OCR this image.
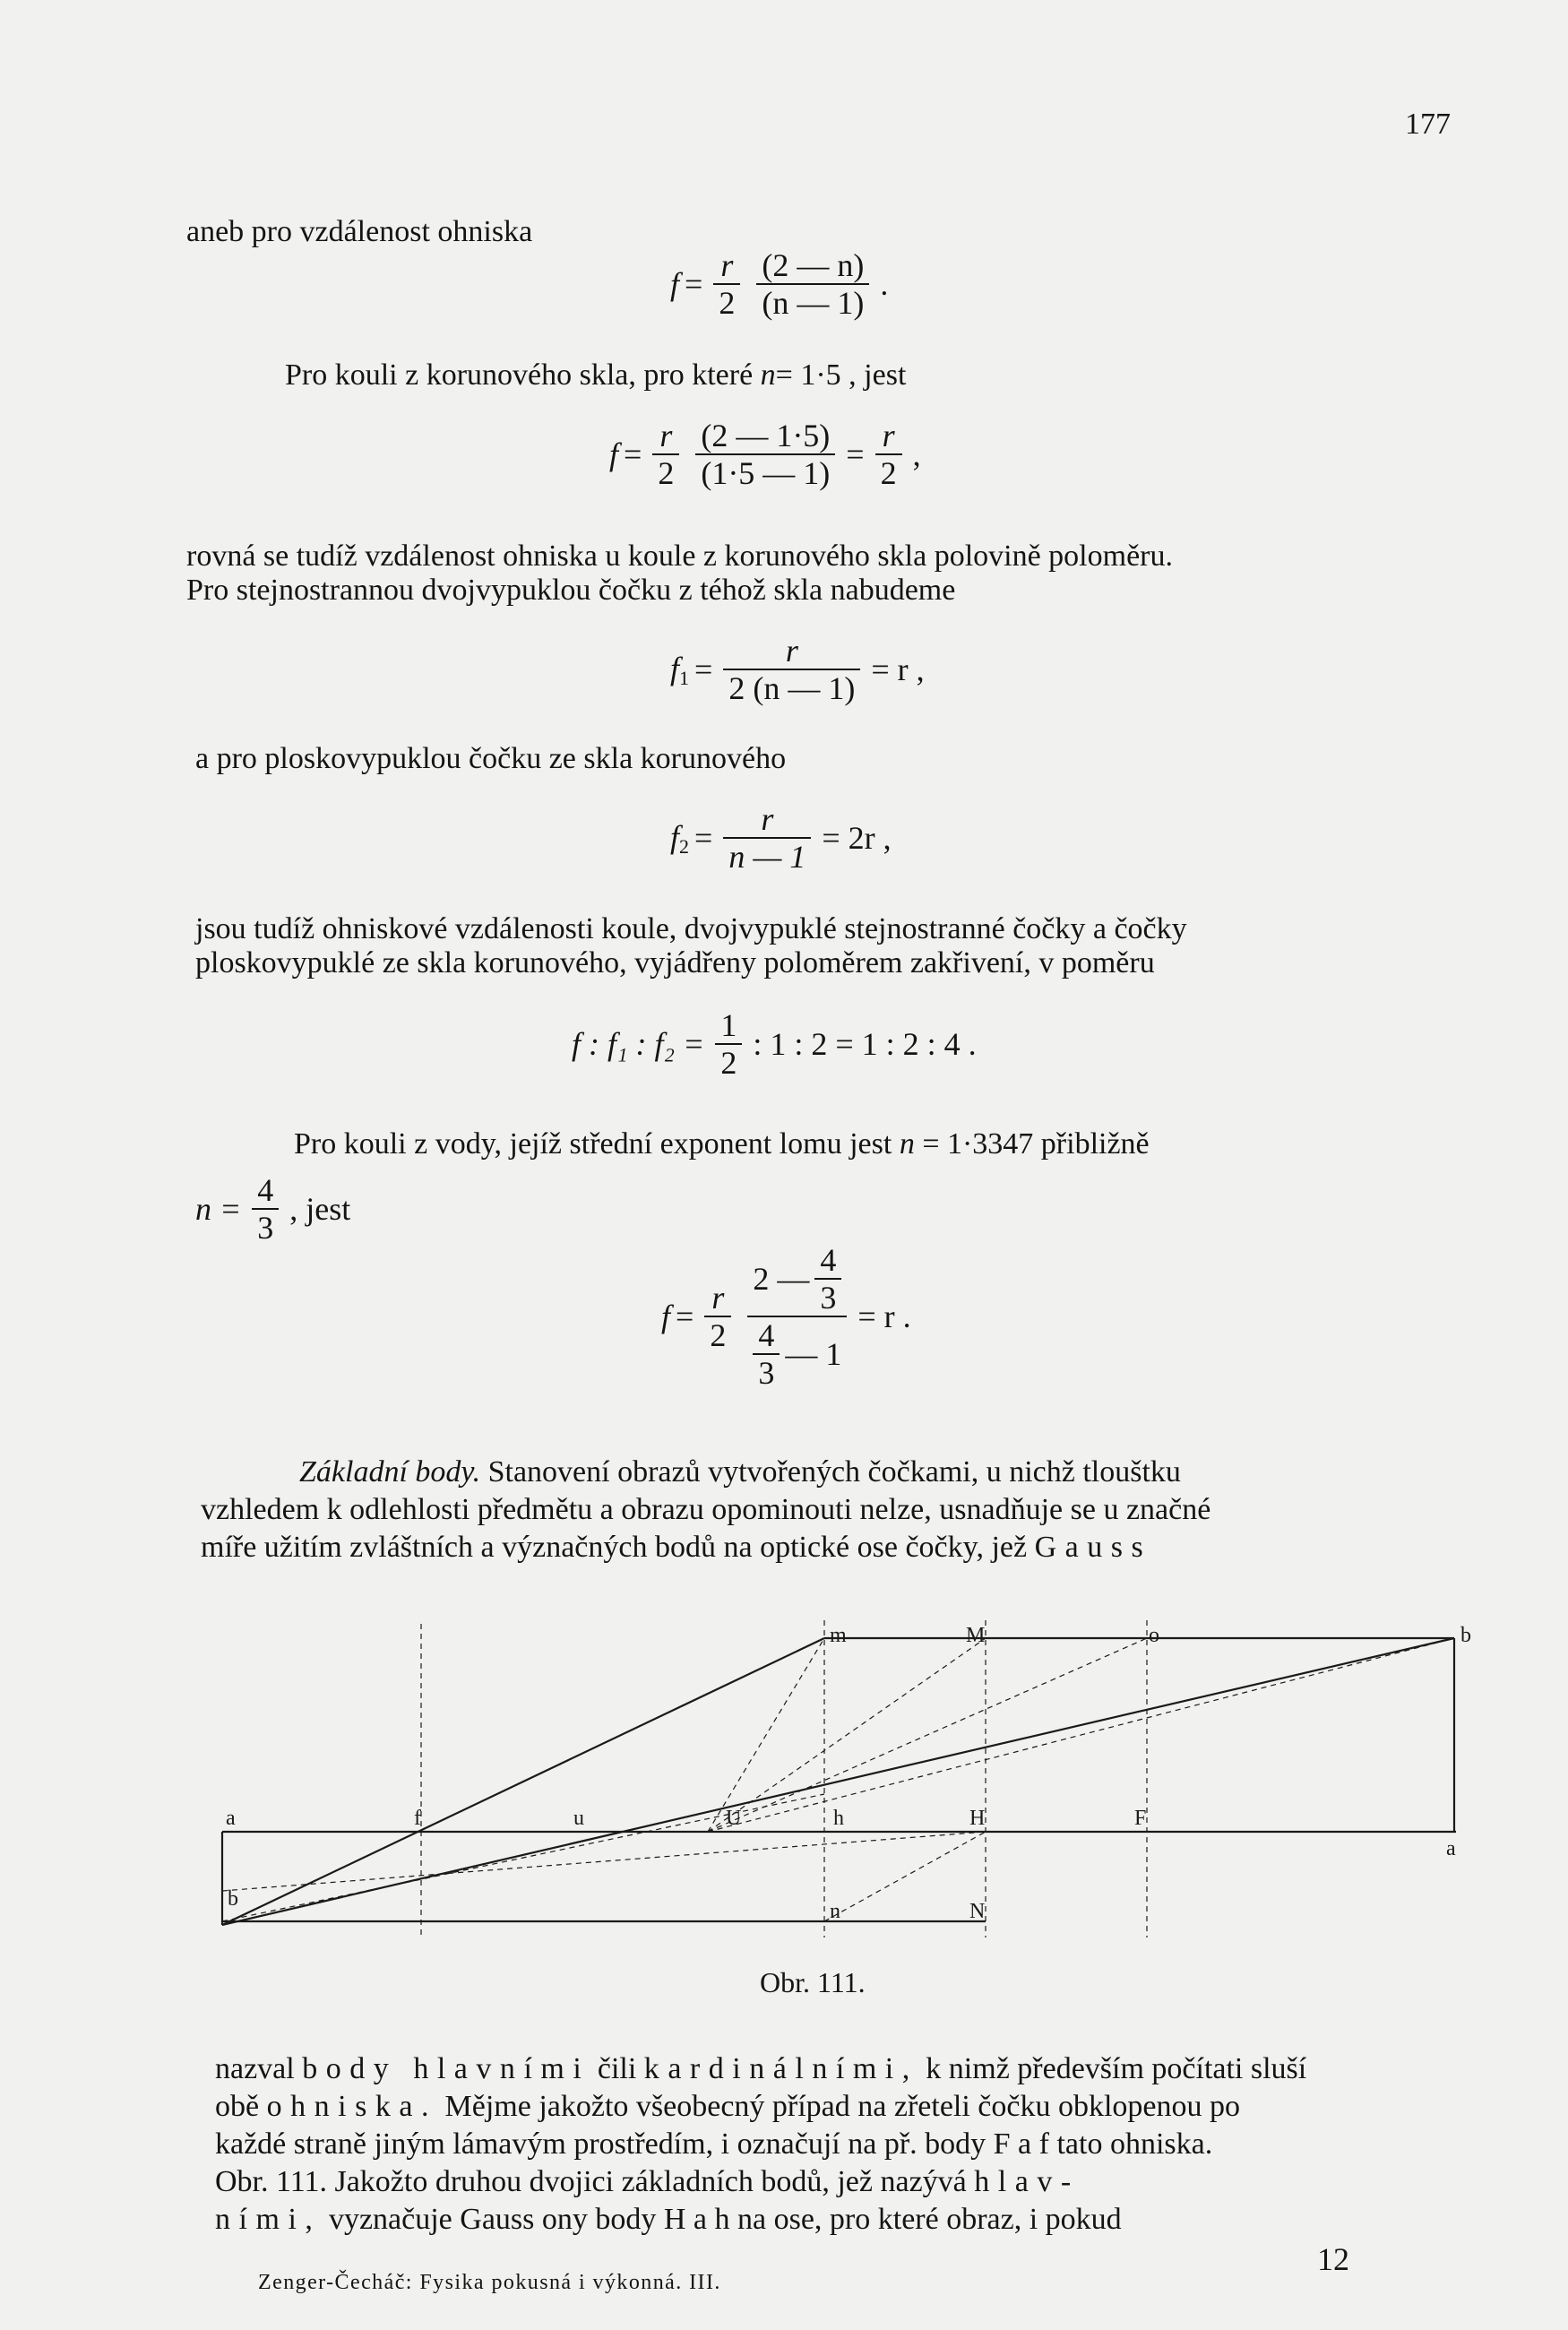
177
aneb pro vzdálenost ohniska
$f = \frac{r}{2} \frac{(2 — n)}{(n — 1)}$ .
Pro kouli z korunového skla, pro které n= 1·5 , jest
$f = \frac{r}{2} \frac{(2 — 1\cdot 5)}{(1\cdot 5 — 1)} = \frac{r}{2}$ ,
rovná se tudíž vzdálenost ohniska u koule z korunového skla polovině poloměru.
Pro stejnostrannou dvojvypuklou čočku z téhož skla nabudeme
$f_1 = \frac{r}{2 (n — 1)} = r$ ,
a pro ploskovypuklou čočku ze skla korunového
$f_2 = \frac{r}{n — 1} = 2r$ ,
jsou tudíž ohniskové vzdálenosti koule, dvojvypuklé stejnostranné čočky a čočky
ploskovypuklé ze skla korunového, vyjádřeny poloměrem zakřivení, v poměru
f : f₁ : $f_2 = \frac{1}{2}$ : 1 : 2 = 1 : 2 : 4 .
Pro kouli z vody, jejíž střední exponent lomu jest n = 1·3347 přibližně
$n = \frac{4}{3}$ , jest
$f = \frac{r}{2} \frac{2 — \frac{4}{3}}{\frac{4}{3} — 1} = r$ .
Základní body. Stanovení obrazů vytvořených čočkami, u nichž tlouštku
vzhledem k odlehlosti předmětu a obrazu opominouti nelze, usnadňuje se u značné
míře užitím zvláštních a význačných bodů na optické ose čočky, jež Gauss
m	M	o	b
a	f	u	U	h	H	F
a
b
n	N
Obr. 111.
nazval body hlavními čili kardinálními, k nimž především počítati sluší
obě ohniska. Mějme jakožto všeobecný případ na zřeteli čočku obklopenou po
každé straně jiným lámavým prostředím, i označují na př. body F a f tato ohniska.
Obr. 111. Jakožto druhou dvojici základních bodů, jež nazývá hlav-
ními, vyznačuje Gauss ony body H a h na ose, pro které obraz, i pokud
12
Zenger-Čecháč: Fysika pokusná i výkonná. III.
